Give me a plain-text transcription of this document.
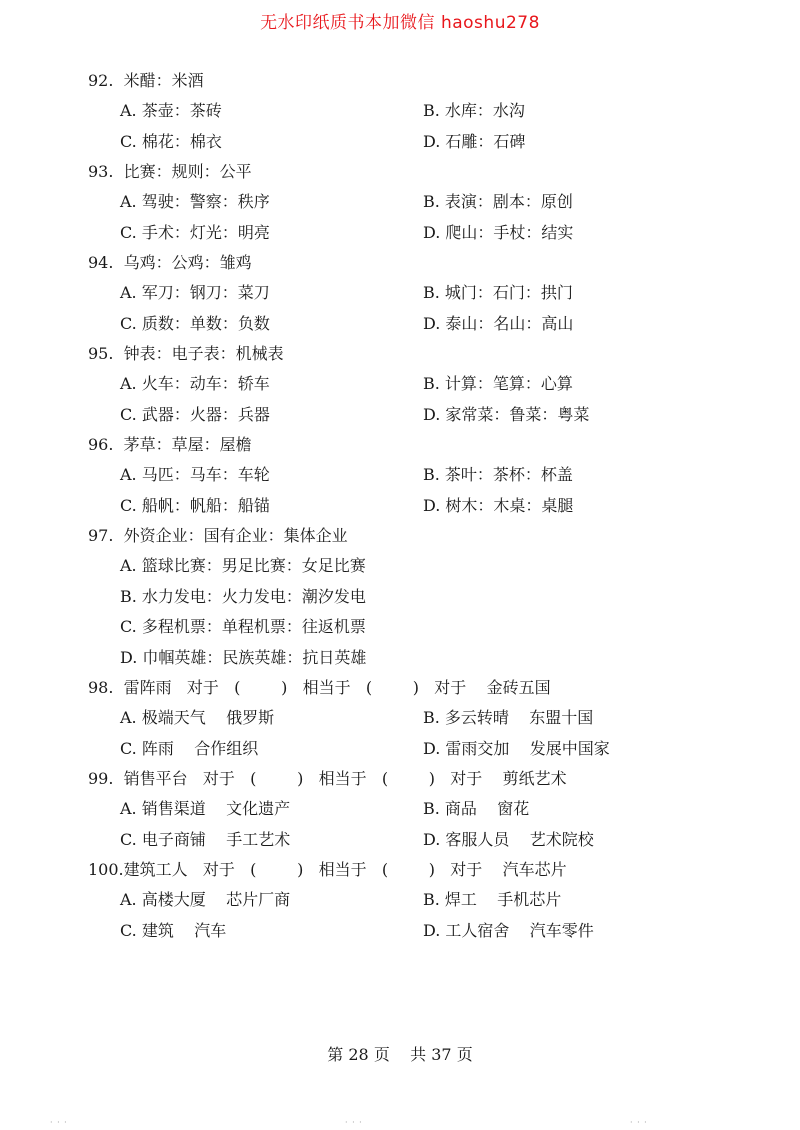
无水印纸质书本加微信 haoshu278
92.  米醋：米酒
A. 茶壶：茶砖	B. 水库：水沟
C. 棉花：棉衣	D. 石雕：石碑
93.  比赛：规则：公平
A. 驾驶：警察：秩序	B. 表演：剧本：原创
C. 手术：灯光：明亮	D. 爬山：手杖：结实
94.  乌鸡：公鸡：雏鸡
A. 军刀：钢刀：菜刀	B. 城门：石门：拱门
C. 质数：单数：负数	D. 泰山：名山：高山
95.  钟表：电子表：机械表
A. 火车：动车：轿车	B. 计算：笔算：心算
C. 武器：火器：兵器	D. 家常菜：鲁菜：粤菜
96.  茅草：草屋：屋檐
A. 马匹：马车：车轮	B. 茶叶：茶杯：杯盖
C. 船帆：帆船：船锚	D. 树木：木桌：桌腿
97.  外资企业：国有企业：集体企业
A. 篮球比赛：男足比赛：女足比赛
B. 水力发电：火力发电：潮汐发电
C. 多程机票：单程机票：往返机票
D. 巾帼英雄：民族英雄：抗日英雄
98.  雷阵雨   对于   (        )   相当于   (        )   对于    金砖五国
A. 极端天气    俄罗斯	B. 多云转晴    东盟十国
C. 阵雨    合作组织	D. 雷雨交加    发展中国家
99.  销售平台   对于   (        )   相当于   (        )   对于    剪纸艺术
A. 销售渠道    文化遗产	B. 商品    窗花
C. 电子商铺    手工艺术	D. 客服人员    艺术院校
100.建筑工人   对于   (        )   相当于   (        )   对于    汽车芯片
A. 高楼大厦    芯片厂商	B. 焊工    手机芯片
C. 建筑    汽车	D. 工人宿舍    汽车零件
第 28 页    共 37 页
· · ·	· · ·	· · ·
